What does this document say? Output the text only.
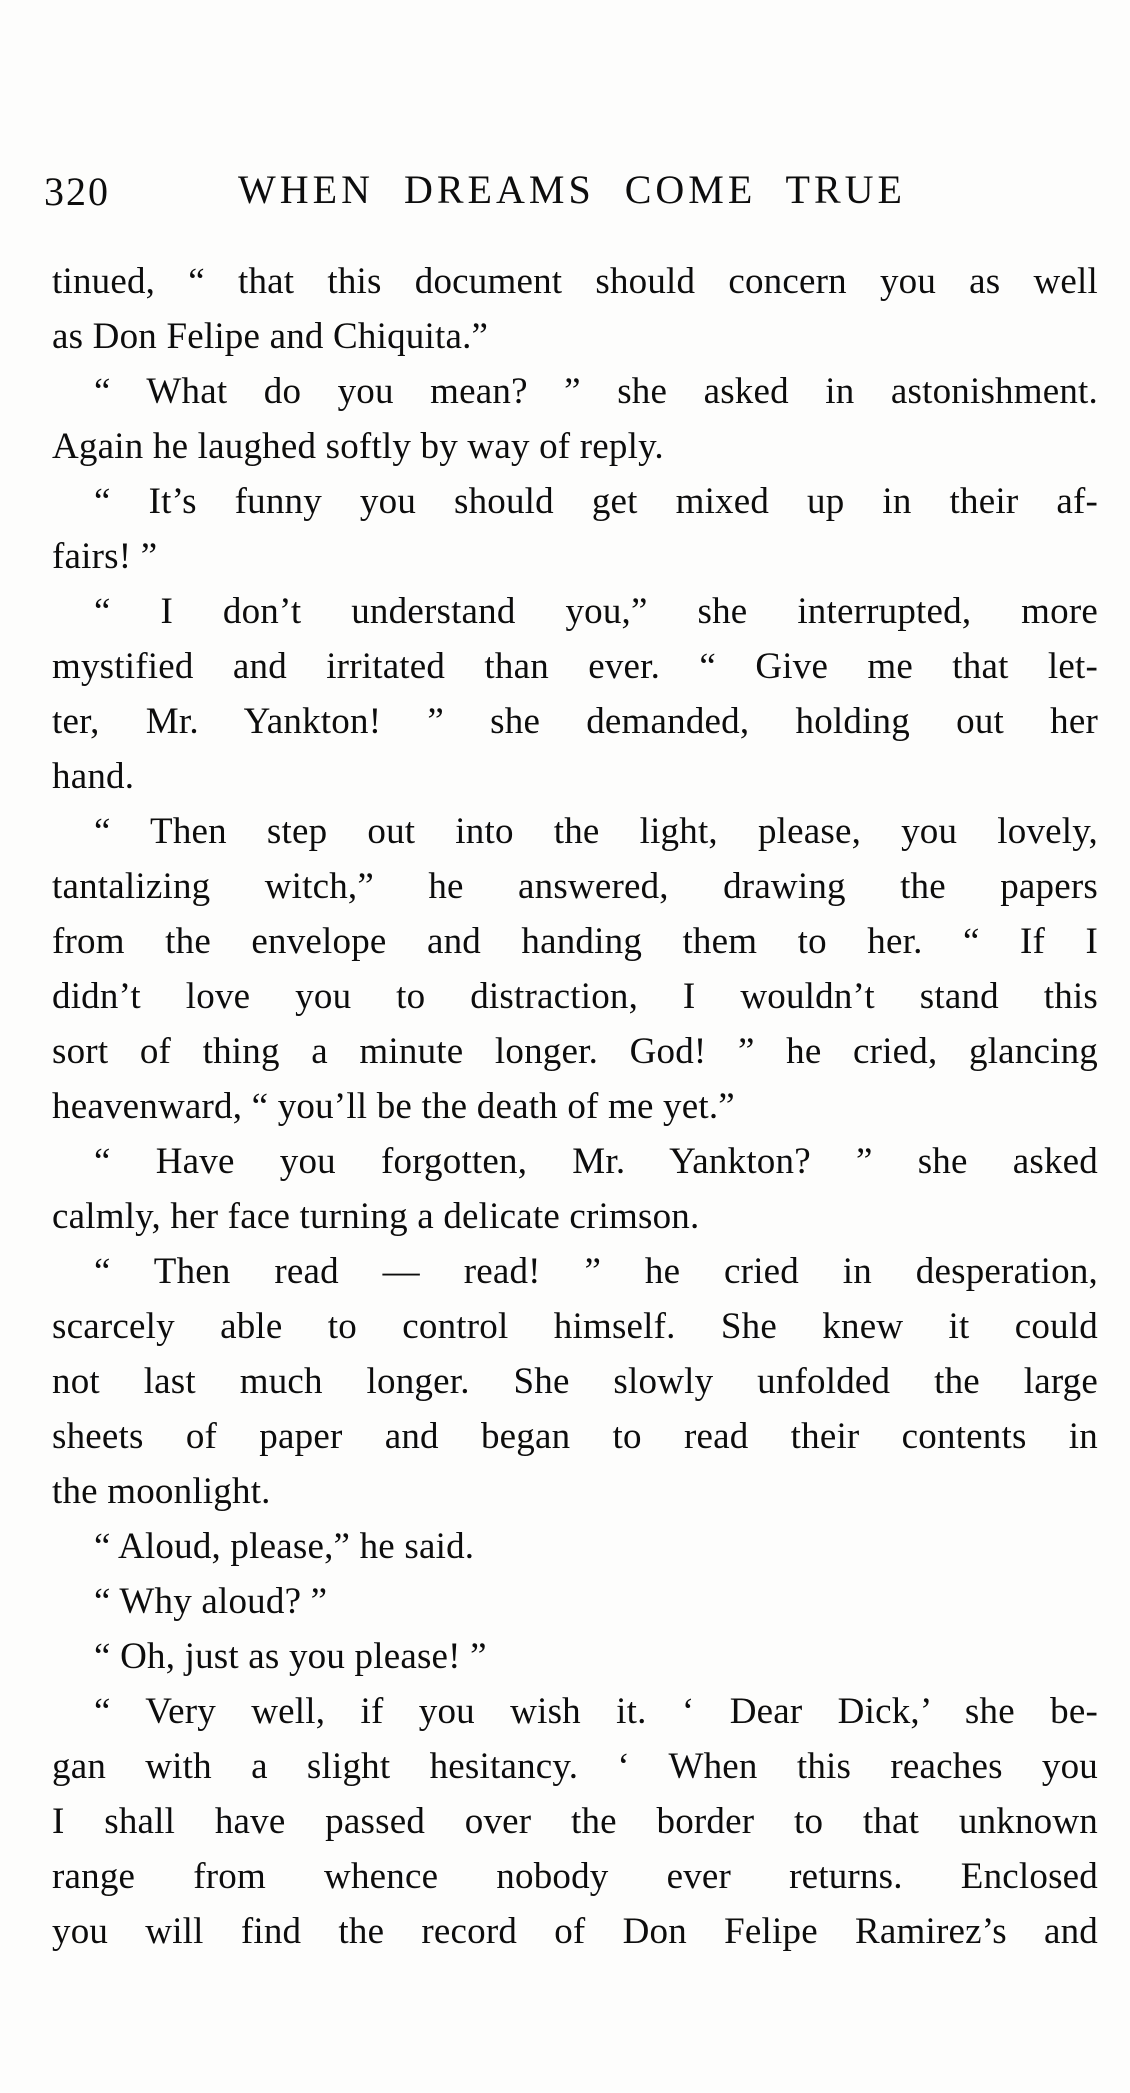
320	WHEN DREAMS COME TRUE
tinued, “ that this document should concern you as well
as Don Felipe and Chiquita.”
“ What do you mean? ” she asked in astonishment.
Again he laughed softly by way of reply.
“ It’s funny you should get mixed up in their af-
fairs! ”
“ I don’t understand you,” she interrupted, more
mystified and irritated than ever. “ Give me that let-
ter, Mr. Yankton! ” she demanded, holding out her
hand.
“ Then step out into the light, please, you lovely,
tantalizing witch,” he answered, drawing the papers
from the envelope and handing them to her. “ If I
didn’t love you to distraction, I wouldn’t stand this
sort of thing a minute longer. God! ” he cried, glancing
heavenward, “ you’ll be the death of me yet.”
“ Have you forgotten, Mr. Yankton? ” she asked
calmly, her face turning a delicate crimson.
“ Then read — read! ” he cried in desperation,
scarcely able to control himself. She knew it could
not last much longer. She slowly unfolded the large
sheets of paper and began to read their contents in
the moonlight.
“ Aloud, please,” he said.
“ Why aloud? ”
“ Oh, just as you please! ”
“ Very well, if you wish it. ‘ Dear Dick,’ she be-
gan with a slight hesitancy. ‘ When this reaches you
I shall have passed over the border to that unknown
range from whence nobody ever returns. Enclosed
you will find the record of Don Felipe Ramirez’s and
